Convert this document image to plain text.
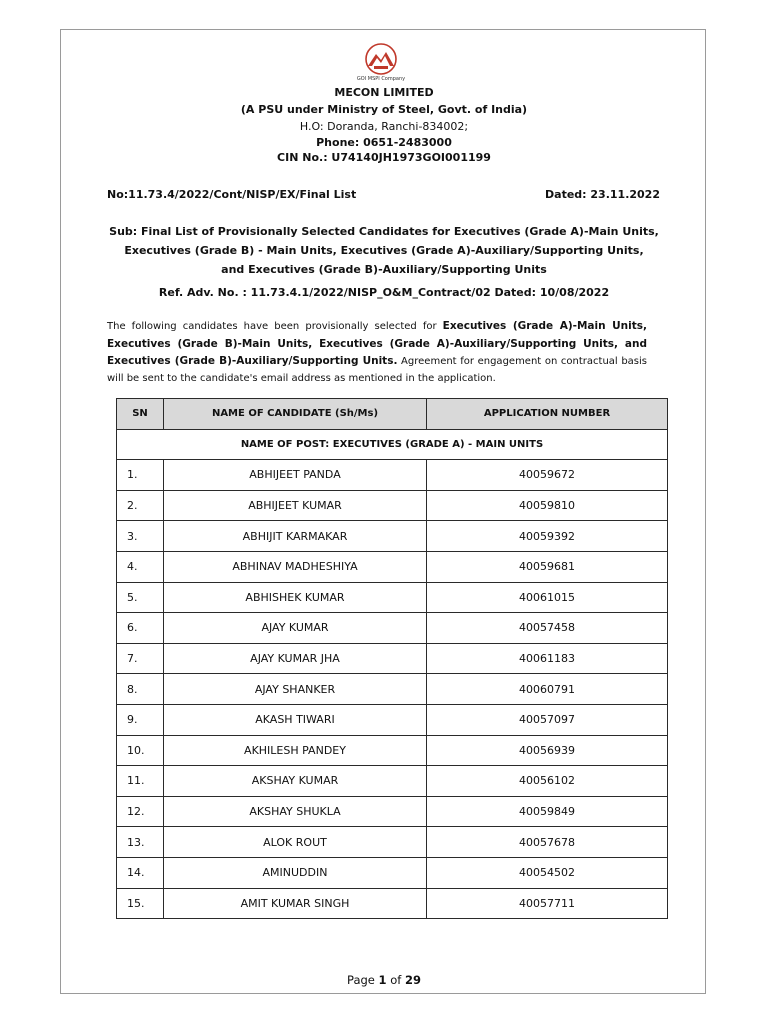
GOI MSPI Company
MECON LIMITED
(A PSU under Ministry of Steel, Govt. of India)
H.O: Doranda, Ranchi-834002;
Phone: 0651-2483000
CIN No.: U74140JH1973GOI001199
No:11.73.4/2022/Cont/NISP/EX/Final List	Dated: 23.11.2022
Sub: Final List of Provisionally Selected Candidates for Executives (Grade A)-Main Units,
Executives (Grade B) - Main Units, Executives (Grade A)-Auxiliary/Supporting Units,
and Executives (Grade B)-Auxiliary/Supporting Units
Ref. Adv. No. : 11.73.4.1/2022/NISP_O&M_Contract/02 Dated: 10/08/2022
The following candidates have been provisionally selected for Executives (Grade A)-Main Units, Executives (Grade B)-Main Units, Executives (Grade A)-Auxiliary/Supporting Units, and Executives (Grade B)-Auxiliary/Supporting Units. Agreement for engagement on contractual basis will be sent to the candidate's email address as mentioned in the application.
SN	NAME OF CANDIDATE (Sh/Ms)	APPLICATION NUMBER
NAME OF POST: EXECUTIVES (GRADE A) - MAIN UNITS		
1.	ABHIJEET PANDA	40059672
2.	ABHIJEET KUMAR	40059810
3.	ABHIJIT KARMAKAR	40059392
4.	ABHINAV MADHESHIYA	40059681
5.	ABHISHEK KUMAR	40061015
6.	AJAY KUMAR	40057458
7.	AJAY KUMAR JHA	40061183
8.	AJAY SHANKER	40060791
9.	AKASH TIWARI	40057097
10.	AKHILESH PANDEY	40056939
11.	AKSHAY KUMAR	40056102
12.	AKSHAY SHUKLA	40059849
13.	ALOK ROUT	40057678
14.	AMINUDDIN	40054502
15.	AMIT KUMAR SINGH	40057711
Page 1 of 29
